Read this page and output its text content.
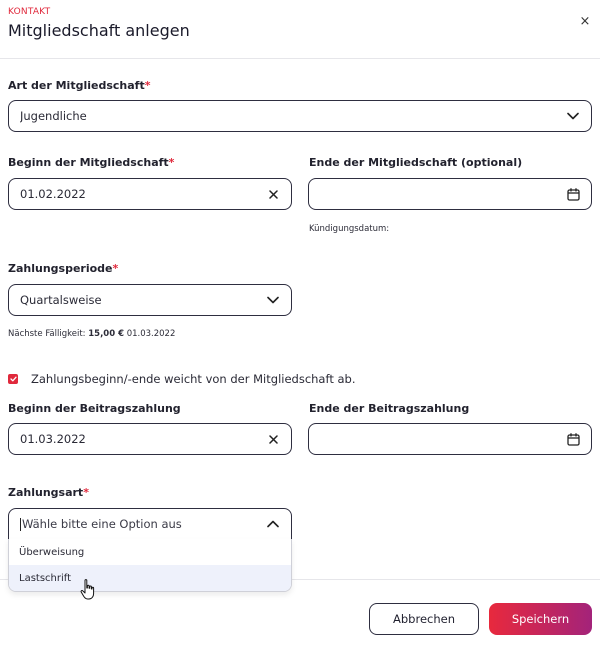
KONTAKT
Mitgliedschaft anlegen	×
Art der Mitgliedschaft*
Jugendliche
Beginn der Mitgliedschaft*
01.02.2022
Ende der Mitgliedschaft (optional)
Kündigungsdatum:
Zahlungsperiode*
Quartalsweise
Nächste Fälligkeit: 15,00 € 01.03.2022
Zahlungsbeginn/-ende weicht von der Mitgliedschaft ab.
Beginn der Beitragszahlung
01.03.2022
Ende der Beitragszahlung
Zahlungsart*
Wähle bitte eine Option aus
Überweisung
Lastschrift
Abbrechen	Speichern
